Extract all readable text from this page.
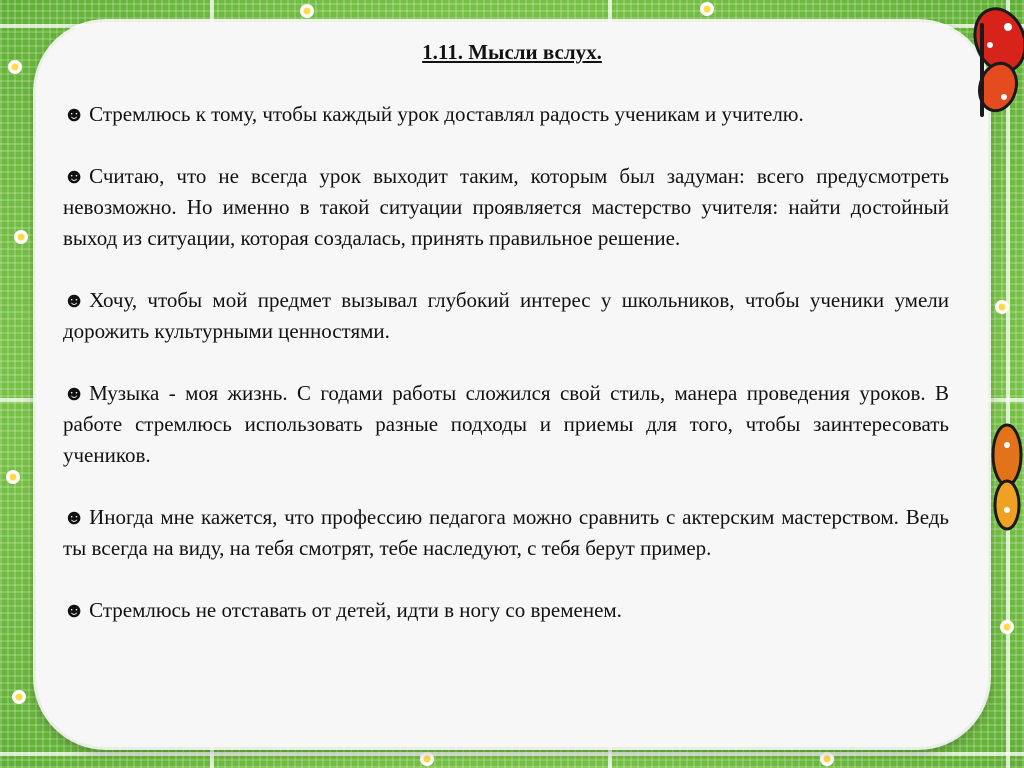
1.11. Мысли вслух.

☻ Стремлюсь к тому, чтобы каждый урок доставлял радость ученикам и учителю.

☻ Считаю, что не всегда урок выходит таким, которым был задуман: всего предусмотреть невозможно. Но именно в такой ситуации проявляется мастерство учителя: найти достойный выход из ситуации, которая создалась, принять правильное решение.

☻ Хочу, чтобы мой предмет вызывал глубокий интерес у школьников, чтобы ученики умели дорожить культурными ценностями.

☻ Музыка - моя жизнь. С годами работы сложился свой стиль, манера проведения уроков. В работе стремлюсь использовать разные подходы и приемы для того, чтобы заинтересовать учеников.

☻ Иногда мне кажется, что профессию педагога можно сравнить с актерским мастерством. Ведь ты всегда на виду, на тебя смотрят, тебе наследуют, с тебя берут пример.

☻ Стремлюсь не отставать от детей, идти в ногу со временем.
